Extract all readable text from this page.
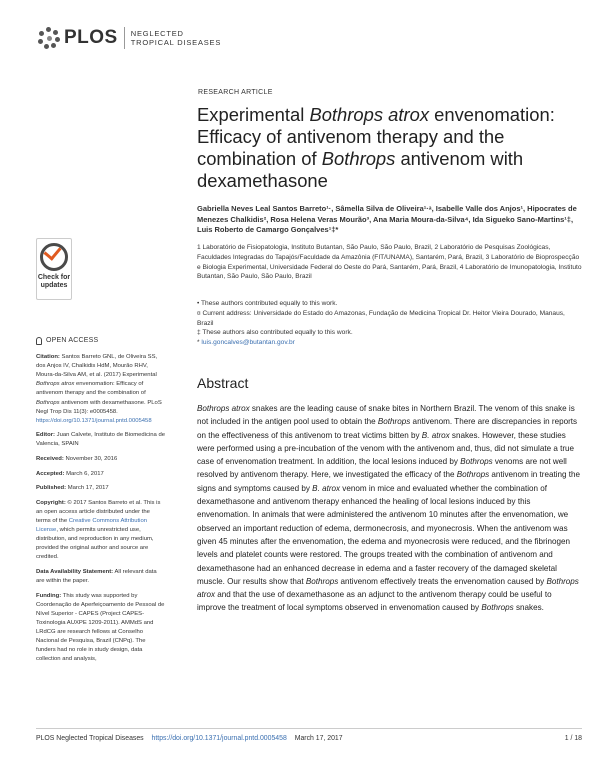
PLOS NEGLECTED
TROPICAL DISEASES
RESEARCH ARTICLE
Experimental Bothrops atrox envenomation: Efficacy of antivenom therapy and the combination of Bothrops antivenom with dexamethasone
Gabriella Neves Leal Santos Barreto¹·, Sâmella Silva de Oliveira¹·ᵃ, Isabelle Valle dos Anjos¹, Hipocrates de Menezes Chalkidis², Rosa Helena Veras Mourão³, Ana Maria Moura-da-Silva⁴, Ida Sigueko Sano-Martins¹‡, Luis Roberto de Camargo Gonçalves¹‡*
1 Laboratório de Fisiopatologia, Instituto Butantan, São Paulo, São Paulo, Brazil, 2 Laboratório de Pesquisas Zoológicas, Faculdades Integradas do Tapajós/Faculdade da Amazônia (FIT/UNAMA), Santarém, Pará, Brazil, 3 Laboratório de Bioprospecção e Biologia Experimental, Universidade Federal do Oeste do Pará, Santarém, Pará, Brazil, 4 Laboratório de Imunopatologia, Instituto Butantan, São Paulo, São Paulo, Brazil
• These authors contributed equally to this work.
¤ Current address: Universidade do Estado do Amazonas, Fundação de Medicina Tropical Dr. Heitor Vieira Dourado, Manaus, Brazil
‡ These authors also contributed equally to this work.
* luis.goncalves@butantan.gov.br
Abstract
Bothrops atrox snakes are the leading cause of snake bites in Northern Brazil. The venom of this snake is not included in the antigen pool used to obtain the Bothrops antivenom. There are discrepancies in reports on the effectiveness of this antivenom to treat victims bitten by B. atrox snakes. However, these studies were performed using a pre-incubation of the venom with the antivenom and, thus, did not simulate a true case of envenomation treatment. In addition, the local lesions induced by Bothrops venoms are not well resolved by antivenom therapy. Here, we investigated the efficacy of the Bothrops antivenom in treating the signs and symptoms caused by B. atrox venom in mice and evaluated whether the combination of dexamethasone and antivenom therapy enhanced the healing of local lesions induced by this envenomation. In animals that were administered the antivenom 10 minutes after the envenomation, we observed an important reduction of edema, dermonecrosis, and myonecrosis. When the antivenom was given 45 minutes after the envenomation, the edema and myonecrosis were reduced, and the fibrinogen levels and platelet counts were restored. The groups treated with the combination of antivenom and dexamethasone had an enhanced decrease in edema and a faster recovery of the damaged skeletal muscle. Our results show that Bothrops antivenom effectively treats the envenomation caused by Bothrops atrox and that the use of dexamethasone as an adjunct to the antivenom therapy could be useful to improve the treatment of local symptoms observed in envenomation caused by Bothrops snakes.
Check for
updates
OPEN ACCESS
Citation: Santos Barreto GNL, de Oliveira SS, dos Anjos IV, Chalkidis HdM, Mourão RHV, Moura-da-Silva AM, et al. (2017) Experimental Bothrops atrox envenomation: Efficacy of antivenom therapy and the combination of Bothrops antivenom with dexamethasone. PLoS Negl Trop Dis 11(3): e0005458. https://doi.org/10.1371/journal.pntd.0005458
Editor: Juan Calvete, Instituto de Biomedicina de Valencia, SPAIN
Received: November 30, 2016
Accepted: March 6, 2017
Published: March 17, 2017
Copyright: © 2017 Santos Barreto et al. This is an open access article distributed under the terms of the Creative Commons Attribution License, which permits unrestricted use, distribution, and reproduction in any medium, provided the original author and source are credited.
Data Availability Statement: All relevant data are within the paper.
Funding: This study was supported by Coordenação de Aperfeiçoamento de Pessoal de Nível Superior - CAPES (Project CAPES-Toxinologia AUXPE 1209-2011). AMMdS and LRdCG are research fellows at Conselho Nacional de Pesquisa, Brazil (CNPq). The funders had no role in study design, data collection and analysis,
PLOS Neglected Tropical Diseases https://doi.org/10.1371/journal.pntd.0005458 March 17, 2017	1 / 18
